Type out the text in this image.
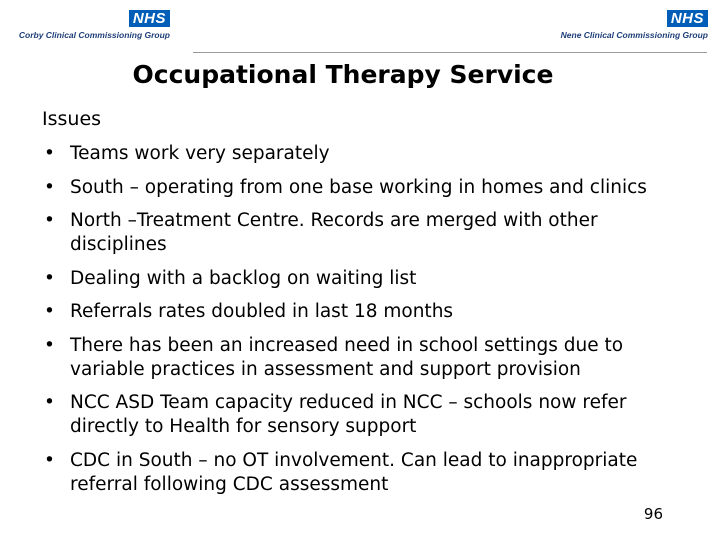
NHS
Corby Clinical Commissioning Group
NHS
Nene Clinical Commissioning Group
Occupational Therapy Service
Issues
• Teams work very separately
• South – operating from one base working in homes and clinics
• North –Treatment Centre. Records are merged with other disciplines
• Dealing with a backlog on waiting list
• Referrals rates doubled in last 18 months
• There has been an increased need in school settings due to variable practices in assessment and support provision
• NCC ASD Team capacity reduced in NCC – schools now refer directly to Health for sensory support
• CDC in South – no OT involvement. Can lead to inappropriate referral following CDC assessment
96
